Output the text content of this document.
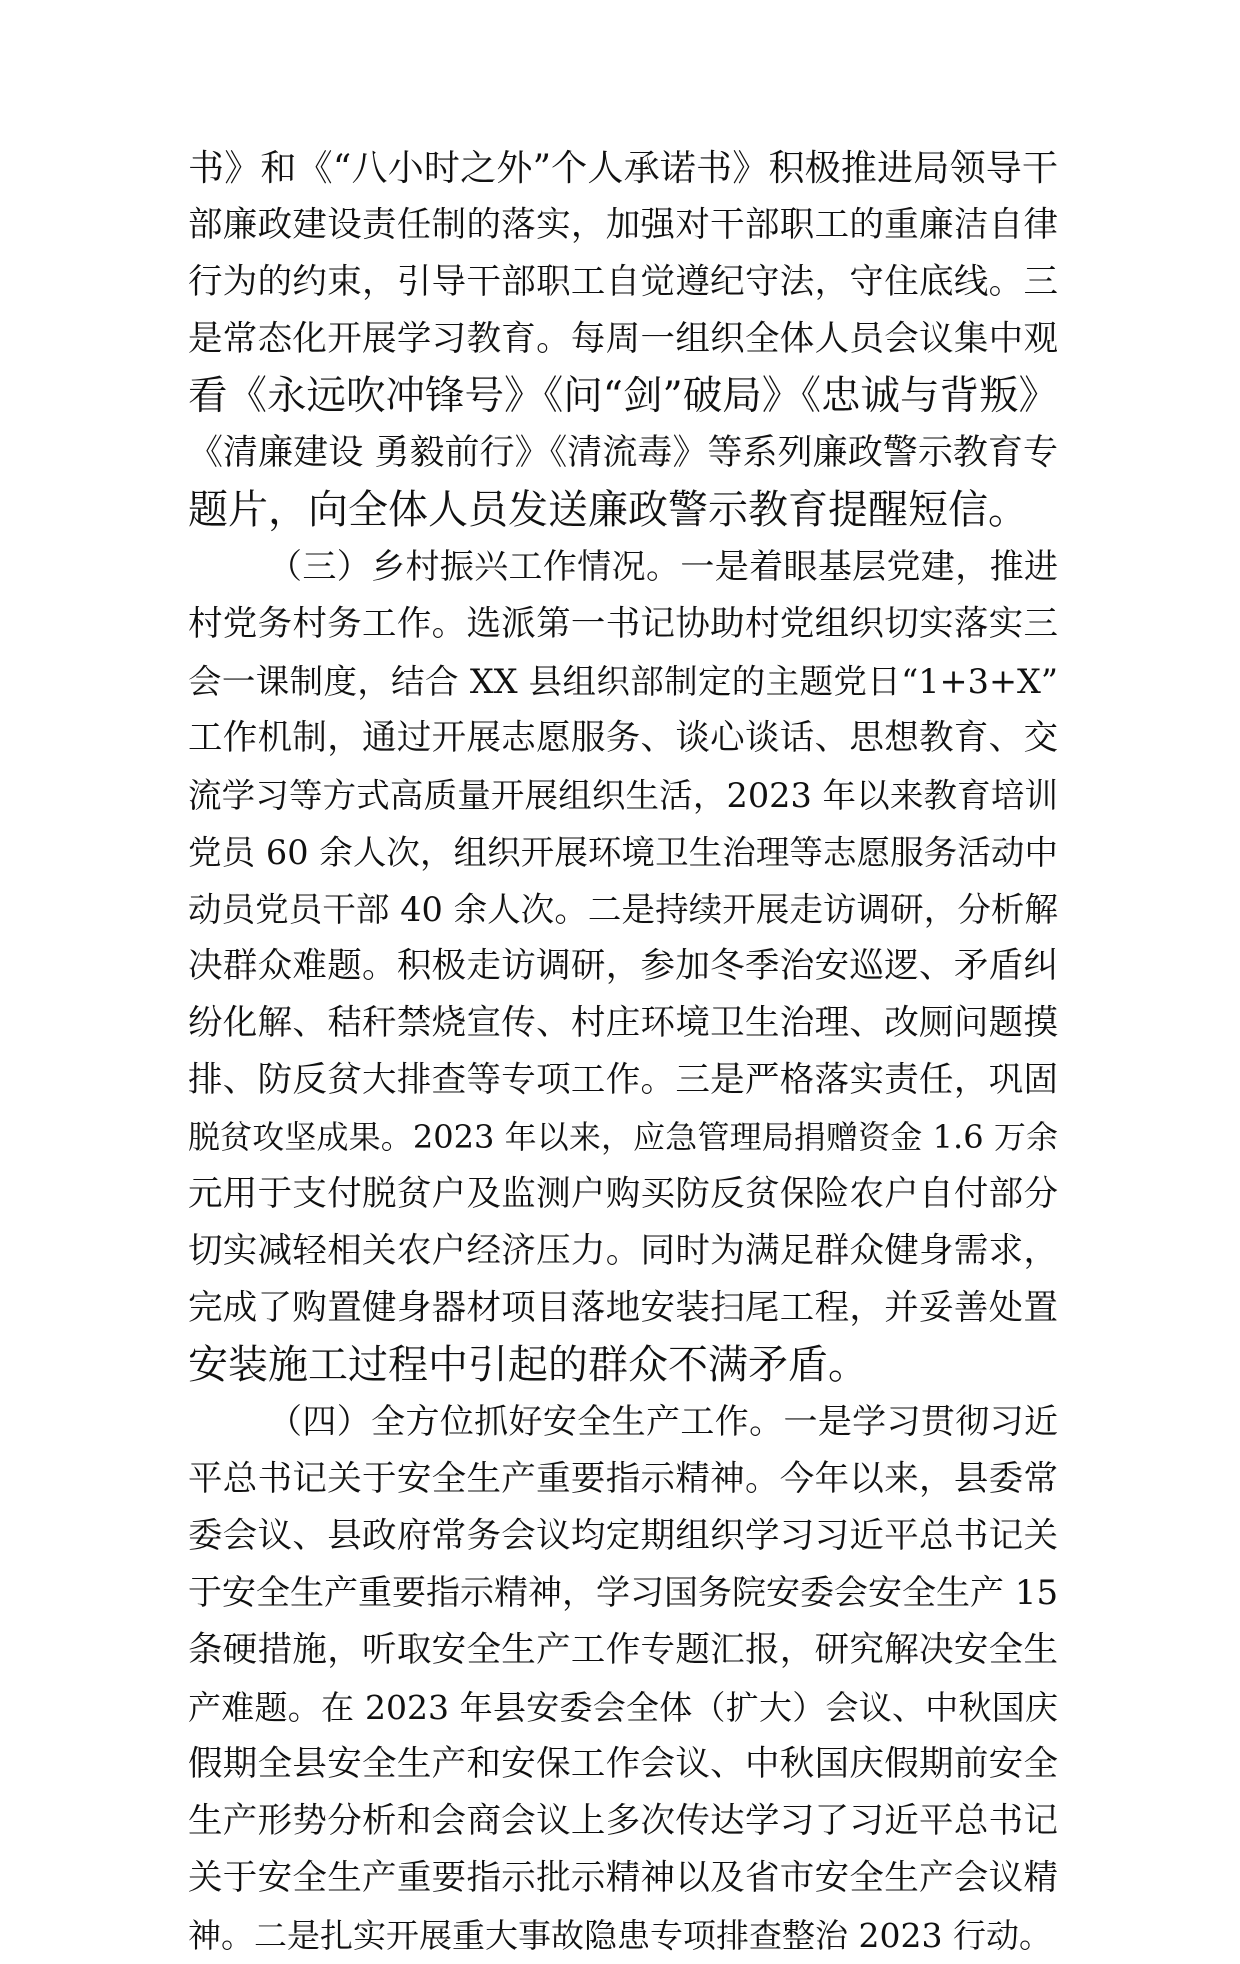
书》和《“八小时之外”个人承诺书》积极推进局领导干
部廉政建设责任制的落实，加强对干部职工的重廉洁自律
行为的约束，引导干部职工自觉遵纪守法，守住底线。三
是常态化开展学习教育。每周一组织全体人员会议集中观
看《永远吹冲锋号》《问“剑”破局》《忠诚与背叛》
《清廉建设 勇毅前行》《清流毒》等系列廉政警示教育专
题片，向全体人员发送廉政警示教育提醒短信。
（三）乡村振兴工作情况。一是着眼基层党建，推进
村党务村务工作。选派第一书记协助村党组织切实落实三
会一课制度，结合 XX 县组织部制定的主题党日“1+3+X”
工作机制，通过开展志愿服务、谈心谈话、思想教育、交
流学习等方式高质量开展组织生活，2023 年以来教育培训
党员 60 余人次，组织开展环境卫生治理等志愿服务活动中
动员党员干部 40 余人次。二是持续开展走访调研，分析解
决群众难题。积极走访调研，参加冬季治安巡逻、矛盾纠
纷化解、秸秆禁烧宣传、村庄环境卫生治理、改厕问题摸
排、防反贫大排查等专项工作。三是严格落实责任，巩固
脱贫攻坚成果。2023 年以来，应急管理局捐赠资金 1.6 万余
元用于支付脱贫户及监测户购买防反贫保险农户自付部分
切实减轻相关农户经济压力。同时为满足群众健身需求，
完成了购置健身器材项目落地安装扫尾工程，并妥善处置
安装施工过程中引起的群众不满矛盾。
（四）全方位抓好安全生产工作。一是学习贯彻习近
平总书记关于安全生产重要指示精神。今年以来，县委常
委会议、县政府常务会议均定期组织学习习近平总书记关
于安全生产重要指示精神，学习国务院安委会安全生产 15
条硬措施，听取安全生产工作专题汇报，研究解决安全生
产难题。在 2023 年县安委会全体（扩大）会议、中秋国庆
假期全县安全生产和安保工作会议、中秋国庆假期前安全
生产形势分析和会商会议上多次传达学习了习近平总书记
关于安全生产重要指示批示精神以及省市安全生产会议精
神。二是扎实开展重大事故隐患专项排查整治 2023 行动。
